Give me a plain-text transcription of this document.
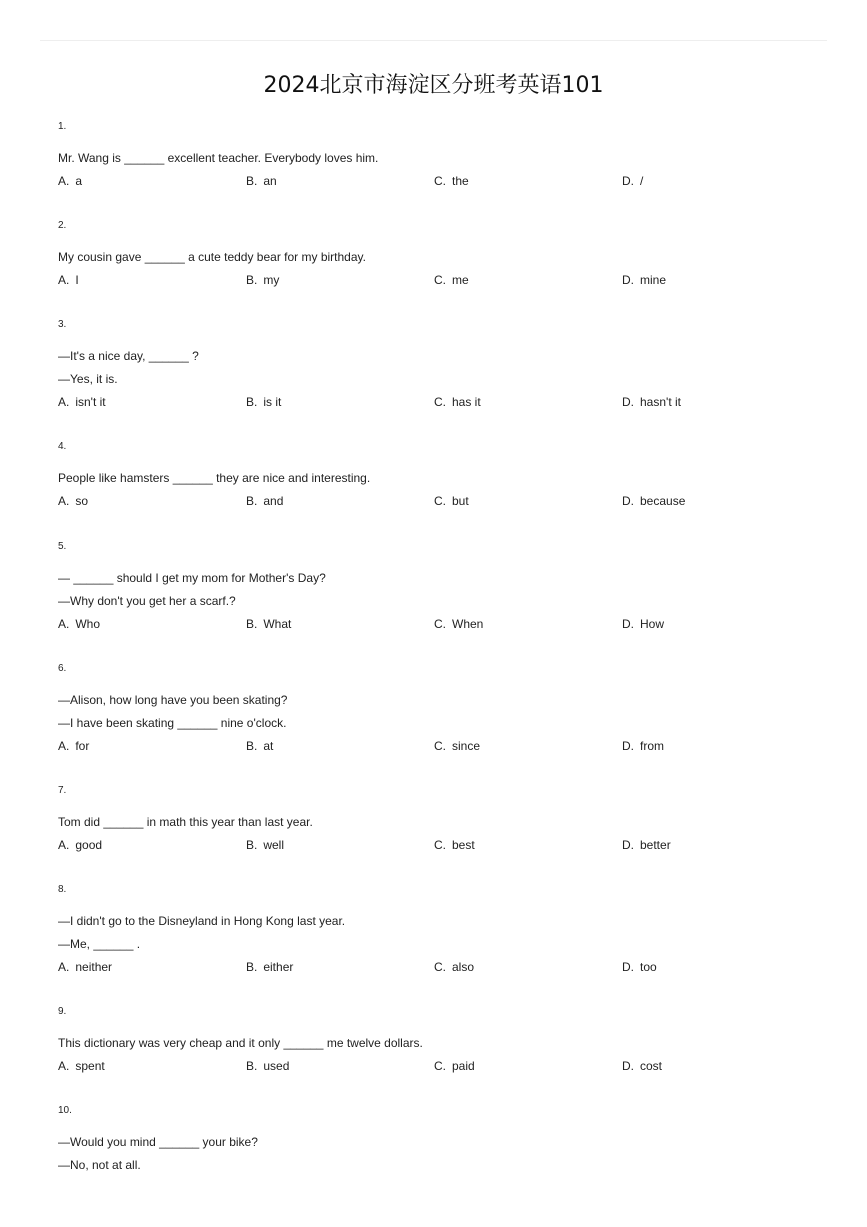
2024北京市海淀区分班考英语101
1.
Mr. Wang is ______ excellent teacher. Everybody loves him.
A. a	B. an	C. the	D. /
2.
My cousin gave ______ a cute teddy bear for my birthday.
A. I	B. my	C. me	D. mine
3.
—It's a nice day, ______ ?
—Yes, it is.
A. isn't it	B. is it	C. has it	D. hasn't it
4.
People like hamsters ______ they are nice and interesting.
A. so	B. and	C. but	D. because
5.
— ______ should I get my mom for Mother's Day?
—Why don't you get her a scarf.?
A. Who	B. What	C. When	D. How
6.
—Alison, how long have you been skating?
—I have been skating ______ nine o'clock.
A. for	B. at	C. since	D. from
7.
Tom did ______ in math this year than last year.
A. good	B. well	C. best	D. better
8.
—I didn't go to the Disneyland in Hong Kong last year.
—Me, ______ .
A. neither	B. either	C. also	D. too
9.
This dictionary was very cheap and it only ______ me twelve dollars.
A. spent	B. used	C. paid	D. cost
10.
—Would you mind ______ your bike?
—No, not at all.
